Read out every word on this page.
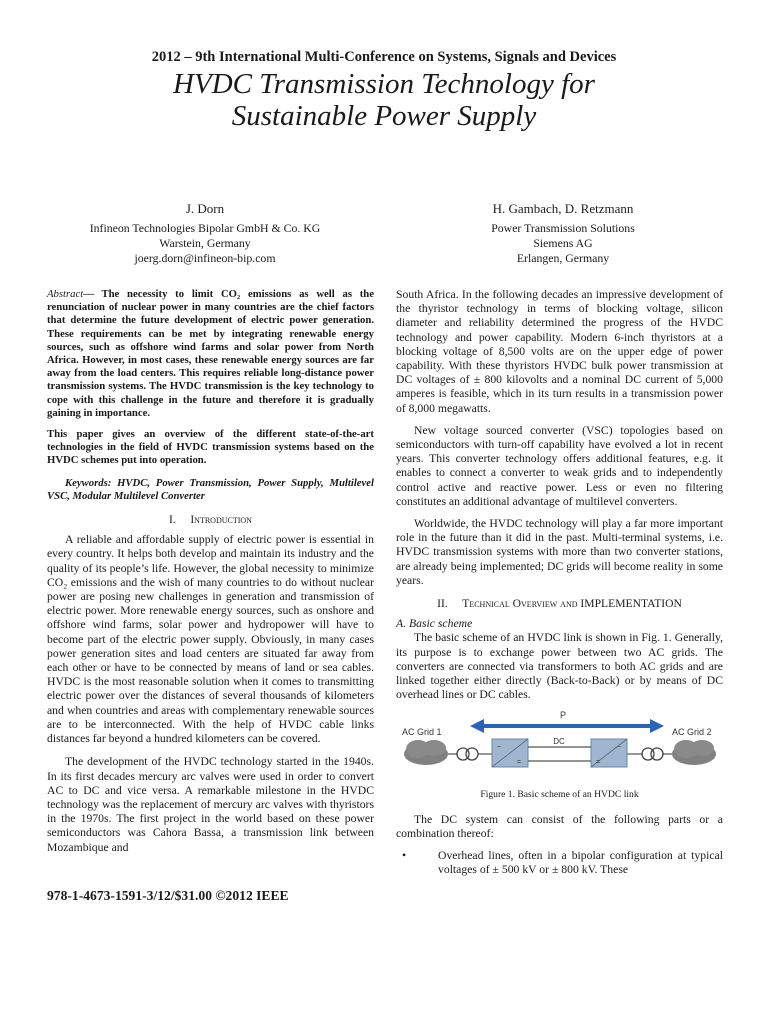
2012 – 9th International Multi-Conference on Systems, Signals and Devices
HVDC Transmission Technology for
Sustainable Power Supply
J. Dorn
Infineon Technologies Bipolar GmbH & Co. KG
Warstein, Germany
joerg.dorn@infineon-bip.com
H. Gambach, D. Retzmann
Power Transmission Solutions
Siemens AG
Erlangen, Germany

Abstract— The necessity to limit CO₂ emissions as well as the renunciation of nuclear power in many countries are the chief factors that determine the future development of electric power generation. These requirements can be met by integrating renewable energy sources, such as offshore wind farms and solar power from North Africa. However, in most cases, these renewable energy sources are far away from the load centers. This requires reliable long-distance power transmission systems. The HVDC transmission is the key technology to cope with this challenge in the future and therefore it is gradually gaining in importance.

This paper gives an overview of the different state-of-the-art technologies in the field of HVDC transmission systems based on the HVDC schemes put into operation.

Keywords: HVDC, Power Transmission, Power Supply, Multilevel VSC, Modular Multilevel Converter

I. Introduction

A reliable and affordable supply of electric power is essential in every country. It helps both develop and maintain its industry and the quality of its people’s life. However, the global necessity to minimize CO₂ emissions and the wish of many countries to do without nuclear power are posing new challenges in generation and transmission of electric power. More renewable energy sources, such as onshore and offshore wind farms, solar power and hydropower will have to become part of the electric power supply. Obviously, in many cases power generation sites and load centers are situated far away from each other or have to be connected by means of land or sea cables. HVDC is the most reasonable solution when it comes to transmitting electric power over the distances of several thousands of kilometers and when countries and areas with complementary renewable sources are to be interconnected. With the help of HVDC cable links distances far beyond a hundred kilometers can be covered.

The development of the HVDC technology started in the 1940s. In its first decades mercury arc valves were used in order to convert AC to DC and vice versa. A remarkable milestone in the HVDC technology was the replacement of mercury arc valves with thyristors in the 1970s. The first project in the world based on these power semiconductors was Cahora Bassa, a transmission link between Mozambique and

South Africa. In the following decades an impressive development of the thyristor technology in terms of blocking voltage, silicon diameter and reliability determined the progress of the HVDC technology and power capability. Modern 6-inch thyristors at a blocking voltage of 8,500 volts are on the upper edge of power capability. With these thyristors HVDC bulk power transmission at DC voltages of ± 800 kilovolts and a nominal DC current of 5,000 amperes is feasible, which in its turn results in a transmission power of 8,000 megawatts.

New voltage sourced converter (VSC) topologies based on semiconductors with turn-off capability have evolved a lot in recent years. This converter technology offers additional features, e.g. it enables to connect a converter to weak grids and to independently control active and reactive power. Less or even no filtering constitutes an additional advantage of multilevel converters.

Worldwide, the HVDC technology will play a far more important role in the future than it did in the past. Multi-terminal systems, i.e. HVDC transmission systems with more than two converter stations, are already being implemented; DC grids will become reality in some years.

II. Technical Overview and IMPLEMENTATION

A. Basic scheme

The basic scheme of an HVDC link is shown in Fig. 1. Generally, its purpose is to exchange power between two AC grids. The converters are connected via transformers to both AC grids and are linked together either directly (Back-to-Back) or by means of DC overhead lines or DC cables.

P
AC Grid 1	AC Grid 2
~
=	=
~
DC
Figure 1. Basic scheme of an HVDC link

The DC system can consist of the following parts or a combination thereof:

•	Overhead lines, often in a bipolar configuration at typical voltages of ± 500 kV or ± 800 kV. These
978-1-4673-1591-3/12/$31.00 ©2012 IEEE
